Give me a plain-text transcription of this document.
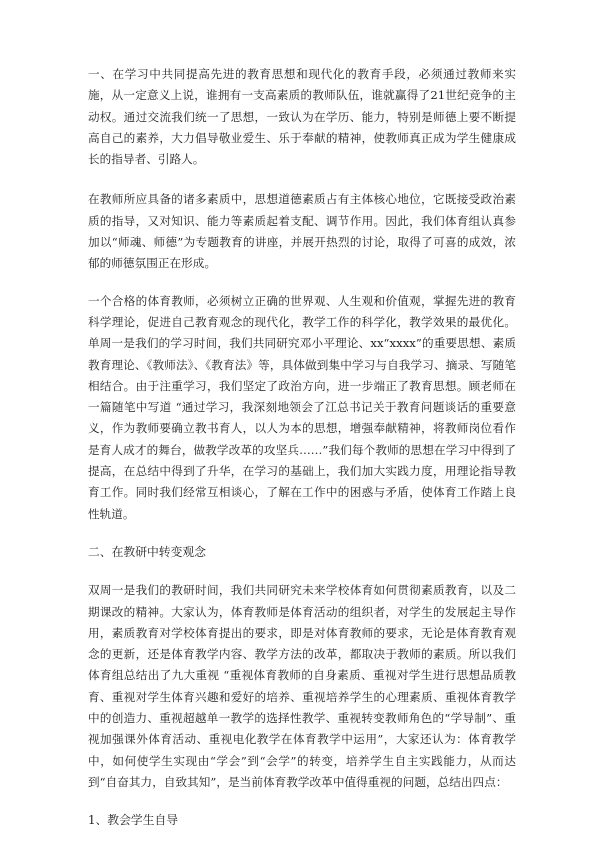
一、在学习中共同提高先进的教育思想和现代化的教育手段，必须通过教师来实施，从一定意义上说，谁拥有一支高素质的教师队伍，谁就赢得了21世纪竞争的主动权。通过交流我们统一了思想，一致认为在学历、能力，特别是师德上要不断提高自己的素养，大力倡导敬业爱生、乐于奉献的精神，使教师真正成为学生健康成长的指导者、引路人。

在教师所应具备的诸多素质中，思想道德素质占有主体核心地位，它既接受政治素质的指导，又对知识、能力等素质起着支配、调节作用。因此，我们体育组认真参加以“师魂、师德”为专题教育的讲座，并展开热烈的讨论，取得了可喜的成效，浓郁的师德氛围正在形成。

一个合格的体育教师，必须树立正确的世界观、人生观和价值观，掌握先进的教育科学理论，促进自己教育观念的现代化，教学工作的科学化，教学效果的最优化。单周一是我们的学习时间，我们共同研究邓小平理论、xx“xxxx”的重要思想、素质教育理论、《教师法》、《教育法》等，具体做到集中学习与自我学习、摘录、写随笔相结合。由于注重学习，我们坚定了政治方向，进一步端正了教育思想。顾老师在一篇随笔中写道 “通过学习，我深刻地领会了江总书记关于教育问题谈话的重要意义，作为教师要确立教书育人，以人为本的思想，增强奉献精神，将教师岗位看作是育人成才的舞台，做教学改革的攻坚兵……”我们每个教师的思想在学习中得到了提高，在总结中得到了升华，在学习的基础上，我们加大实践力度，用理论指导教育工作。同时我们经常互相谈心，了解在工作中的困惑与矛盾，使体育工作踏上良性轨道。

二、在教研中转变观念

双周一是我们的教研时间，我们共同研究未来学校体育如何贯彻素质教育，以及二期课改的精神。大家认为，体育教师是体育活动的组织者，对学生的发展起主导作用，素质教育对学校体育提出的要求，即是对体育教师的要求，无论是体育教育观念的更新，还是体育教学内容、教学方法的改革，都取决于教师的素质。所以我们体育组总结出了九大重视 “重视体育教师的自身素质、重视对学生进行思想品质教育、重视对学生体育兴趣和爱好的培养、重视培养学生的心理素质、重视体育教学中的创造力、重视超越单一教学的选择性教学、重视转变教师角色的“学导制”、重视加强课外体育活动、重视电化教学在体育教学中运用”，大家还认为：体育教学中，如何使学生实现由“学会”到“会学”的转变，培养学生自主实践能力，从而达到“自奋其力，自致其知”，是当前体育教学改革中值得重视的问题，总结出四点：

1、教会学生自导
